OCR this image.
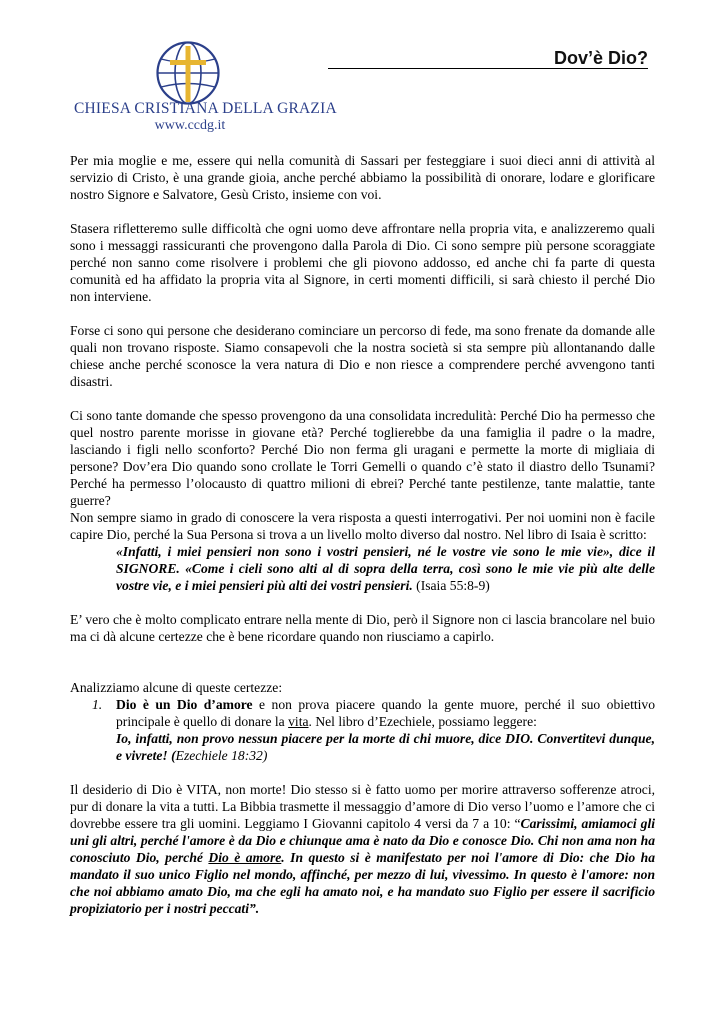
CHIESA CRISTIANA DELLA GRAZIA
www.ccdg.it
Dov’è Dio?

Per mia moglie e me, essere qui nella comunità di Sassari per festeggiare i suoi dieci anni di attività al servizio di Cristo, è una grande gioia, anche perché abbiamo la possibilità di onorare, lodare e glorificare nostro Signore e Salvatore, Gesù Cristo, insieme con voi.

Stasera rifletteremo sulle difficoltà che ogni uomo deve affrontare nella propria vita, e analizzeremo quali sono i messaggi rassicuranti che provengono dalla Parola di Dio. Ci sono sempre più persone scoraggiate perché non sanno come risolvere i problemi che gli piovono addosso, ed anche chi fa parte di questa comunità ed ha affidato la propria vita al Signore, in certi momenti difficili, si sarà chiesto il perché Dio non interviene.

Forse ci sono qui persone che desiderano cominciare un percorso di fede, ma sono frenate da domande alle quali non trovano risposte. Siamo consapevoli che la nostra società si sta sempre più allontanando dalle chiese anche perché sconosce la vera natura di Dio e non riesce a comprendere perché avvengono tanti disastri.

Ci sono tante domande che spesso provengono da una consolidata incredulità: Perché Dio ha permesso che quel nostro parente morisse in giovane età? Perché toglierebbe da una famiglia il padre o la madre, lasciando i figli nello sconforto? Perché Dio non ferma gli uragani e permette la morte di migliaia di persone? Dov’era Dio quando sono crollate le Torri Gemelli o quando c’è stato il diastro dello Tsunami? Perché ha permesso l’olocausto di quattro milioni di ebrei? Perché tante pestilenze, tante malattie, tante guerre?

Non sempre siamo in grado di conoscere la vera risposta a questi interrogativi. Per noi uomini non è facile capire Dio, perché la Sua Persona si trova a un livello molto diverso dal nostro. Nel libro di Isaia è scritto:

«Infatti, i miei pensieri non sono i vostri pensieri, né le vostre vie sono le mie vie», dice il SIGNORE. «Come i cieli sono alti al di sopra della terra, così sono le mie vie più alte delle vostre vie, e i miei pensieri più alti dei vostri pensieri. (Isaia 55:8-9)

E’ vero che è molto complicato entrare nella mente di Dio, però il Signore non ci lascia brancolare nel buio ma ci dà alcune certezze che è bene ricordare quando non riusciamo a capirlo.

Analizziamo alcune di queste certezze:

1. Dio è un Dio d’amore e non prova piacere quando la gente muore, perché il suo obiettivo principale è quello di donare la vita. Nel libro d’Ezechiele, possiamo leggere:

Io, infatti, non provo nessun piacere per la morte di chi muore, dice DIO. Convertitevi dunque, e vivrete! (Ezechiele 18:32)

Il desiderio di Dio è VITA, non morte! Dio stesso si è fatto uomo per morire attraverso sofferenze atroci, pur di donare la vita a tutti. La Bibbia trasmette il messaggio d’amore di Dio verso l’uomo e l’amore che ci dovrebbe essere tra gli uomini. Leggiamo I Giovanni capitolo 4 versi da 7 a 10: “Carissimi, amiamoci gli uni gli altri, perché l'amore è da Dio e chiunque ama è nato da Dio e conosce Dio. Chi non ama non ha conosciuto Dio, perché Dio è amore. In questo si è manifestato per noi l'amore di Dio: che Dio ha mandato il suo unico Figlio nel mondo, affinché, per mezzo di lui, vivessimo. In questo è l'amore: non che noi abbiamo amato Dio, ma che egli ha amato noi, e ha mandato suo Figlio per essere il sacrificio propiziatorio per i nostri peccati”.
